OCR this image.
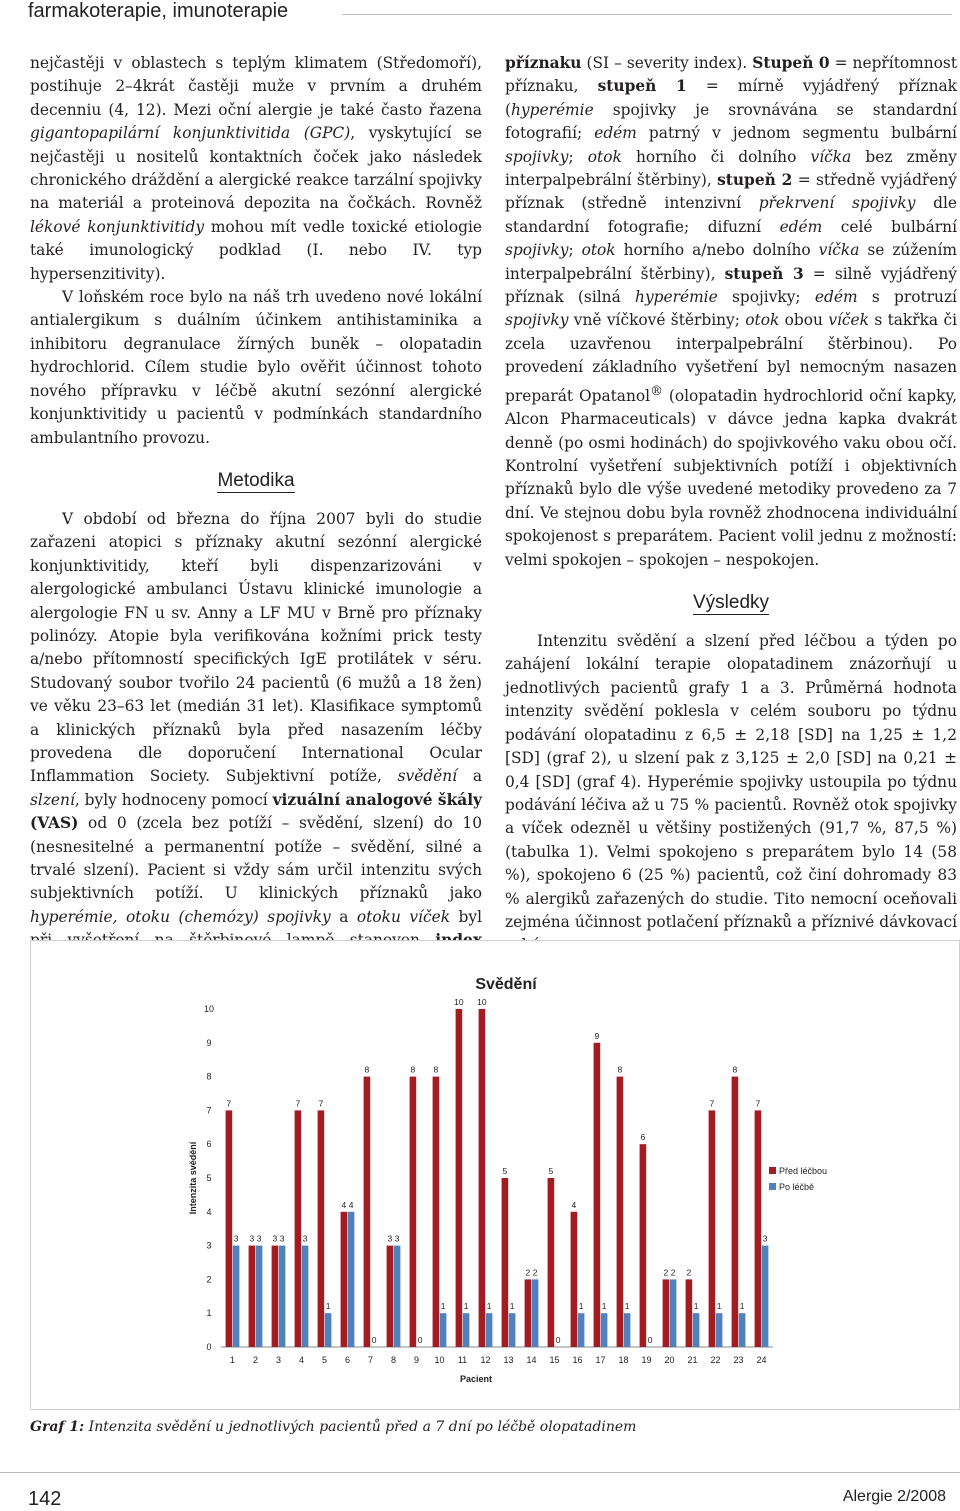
farmakoterapie, imunoterapie

nejčastěji v oblastech s teplým klimatem (Středomoří), postihuje 2–4krát častěji muže v prvním a druhém decenniu (4, 12). Mezi oční alergie je také často řazena gigantopapilární konjunktivitida (GPC), vyskytující se nejčastěji u nositelů kontaktních čoček jako následek chronického dráždění a alergické reakce tarzální spojivky na materiál a proteinová depozita na čočkách. Rovněž lékové konjunktivitidy mohou mít vedle toxické etiologie také imunologický podklad (I. nebo IV. typ hypersenzitivity).

V loňském roce bylo na náš trh uvedeno nové lokální antialergikum s duálním účinkem antihistaminika a inhibitoru degranulace žírných buněk – olopatadin hydrochlorid. Cílem studie bylo ověřit účinnost tohoto nového přípravku v léčbě akutní sezónní alergické konjunktivitidy u pacientů v podmínkách standardního ambulantního provozu.

Metodika

V období od března do října 2007 byli do studie zařazeni atopici s příznaky akutní sezónní alergické konjunktivitidy, kteří byli dispenzarizováni v alergologické ambulanci Ústavu klinické imunologie a alergologie FN u sv. Anny a LF MU v Brně pro příznaky polinózy. Atopie byla verifikována kožními prick testy a/nebo přítomností specifických IgE protilátek v séru. Studovaný soubor tvořilo 24 pacientů (6 mužů a 18 žen) ve věku 23–63 let (medián 31 let). Klasifikace symptomů a klinických příznaků byla před nasazením léčby provedena dle doporučení International Ocular Inflammation Society. Subjektivní potíže, svědění a slzení, byly hodnoceny pomocí vizuální analogové škály (VAS) od 0 (zcela bez potíží – svědění, slzení) do 10 (nesnesitelné a permanentní potíže – svědění, silné a trvalé slzení). Pacient si vždy sám určil intenzitu svých subjektivních potíží. U klinických příznaků jako hyperémie, otoku (chemózy) spojivky a otoku víček byl

příznaku (SI – severity index). Stupeň 0 = nepřítomnost příznaku, stupeň 1 = mírně vyjádřený příznak (hyperémie spojivky je srovnávána se standardní fotografií; edém patrný v jednom segmentu bulbární spojivky; otok horního či dolního víčka bez změny interpalpebrální štěrbiny), stupeň 2 = středně vyjádřený příznak (středně intenzivní překrvení spojivky dle standardní fotografie; difuzní edém celé bulbární spojivky; otok horního a/nebo dolního víčka se zúžením interpalpebrální štěrbiny), stupeň 3 = silně vyjádřený příznak (silná hyperémie spojivky; edém s protruzí spojivky vně víčkové štěrbiny; otok obou víček s takřka či zcela uzavřenou interpalpebrální štěrbinou). Po provedení základního vyšetření byl nemocným nasazen preparát Opatanol® (olopatadin hydrochlorid oční kapky, Alcon Pharmaceuticals) v dávce jedna kapka dvakrát denně (po osmi hodinách) do spojivkového vaku obou očí. Kontrolní vyšetření subjektivních potíží i objektivních příznaků bylo dle výše uvedené metodiky provedeno za 7 dní. Ve stejnou dobu byla rovněž zhodnocena individuální spokojenost s preparátem. Pacient volil jednu z možností: velmi spokojen – spokojen – nespokojen.

Výsledky

Intenzitu svědění a slzení před léčbou a týden po zahájení lokální terapie olopatadinem znázorňují u jednotlivých pacientů grafy 1 a 3. Průměrná hodnota intenzity svědění poklesla v celém souboru po týdnu podávání olopatadinu z 6,5 ± 2,18 [SD] na 1,25 ± 1,2 [SD] (graf 2), u slzení pak z 3,125 ± 2,0 [SD] na 0,21 ± 0,4 [SD] (graf 4). Hyperémie spojivky ustoupila po týdnu podávání léčiva až u 75 % pacientů. Rovněž otok spojivky a víček odezněl u většiny postižených (91,7 %, 87,5 %) (tabulka 1). Velmi spokojeno s preparátem bylo 14 (58 %), spokojeno 6 (25 %) pacientů, což činí dohromady 83 % alergiků zařazených do studie. Tito nemocní oceňovali zejména účinnost potlačení příznaků a příznivé dávkovací

Svědění
0
1
2
3
4
5
6
7
8
9
10
Intenzita svědění
7
3
1
3 3
2
3 3
3
7
3
4
7
1
5
4 4
6
8
0
7
3 3
8
8
0
9
8
1
10
10
1
11
10
1
12
5
1
13
2 2
14
5
0
15
4
1
16
9
1
17
8
1
18
6
0
19
2 2
20
2
1
21
7
1
22
8
1
23
7
3
24
Pacient
Před léčbou
Po léčbě
Graf 1: Intenzita svědění u jednotlivých pacientů před a 7 dní po léčbě olopatadinem
142	Alergie 2/2008
